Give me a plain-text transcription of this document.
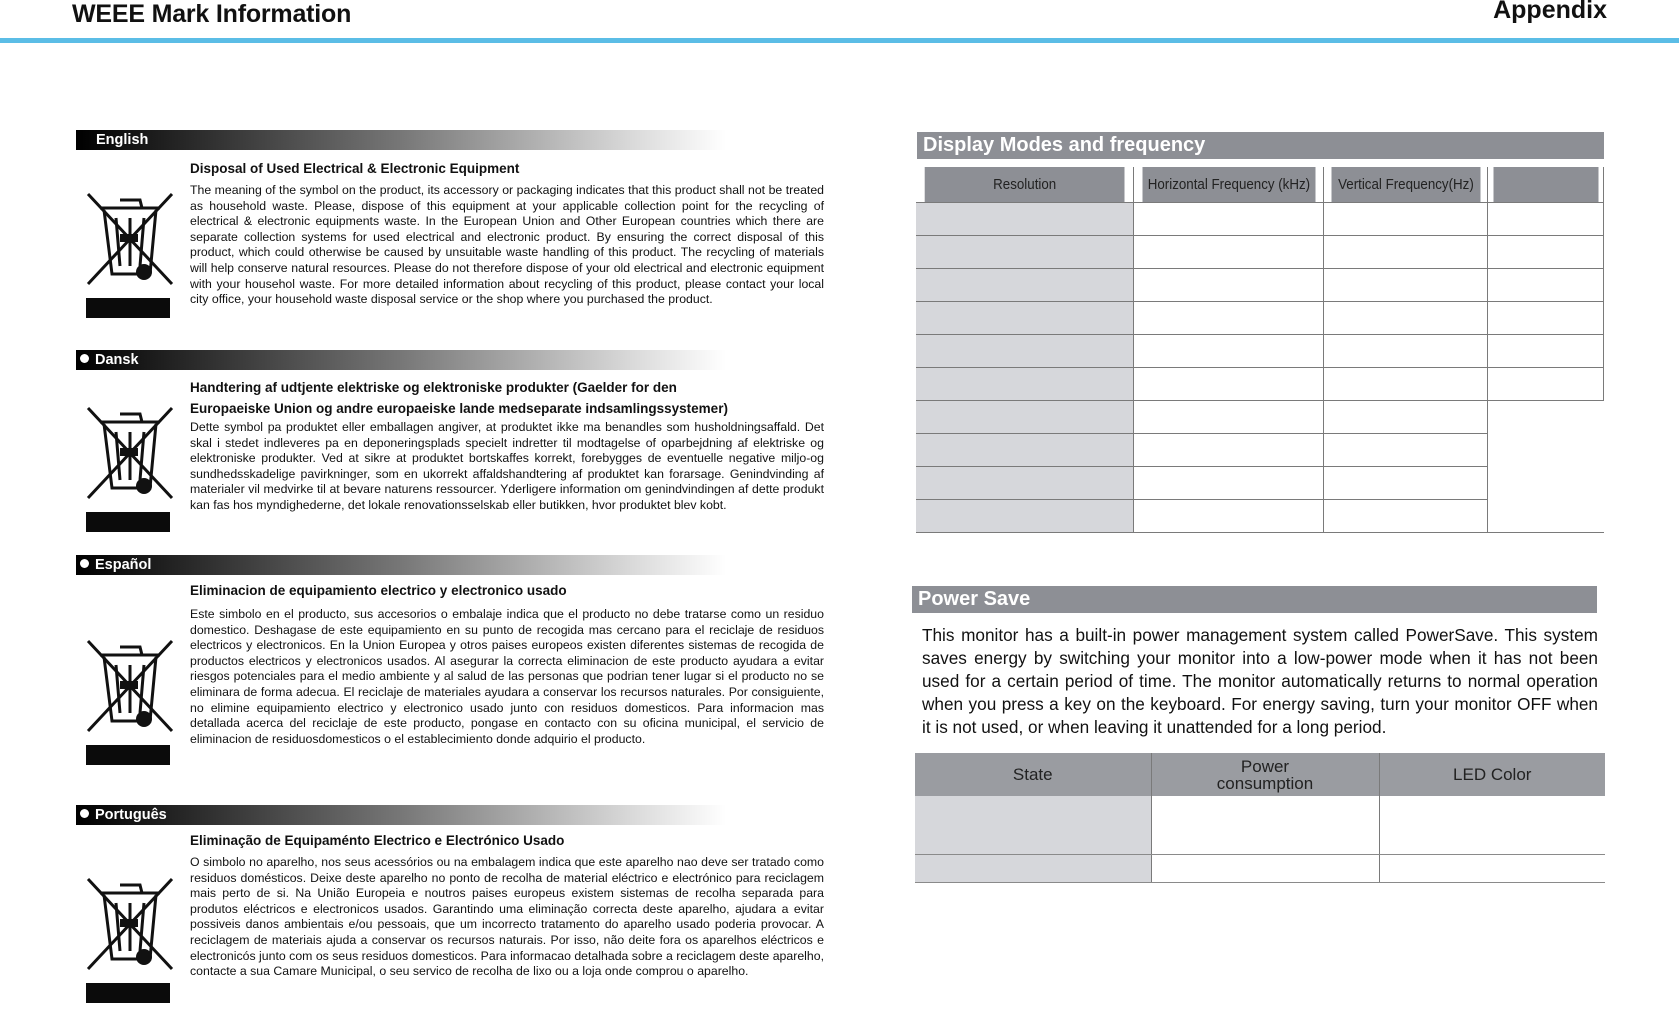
WEEE Mark Information	Appendix
English
Disposal of Used Electrical & Electronic Equipment
The meaning of the symbol on the product, its accessory or packaging indicates that this product shall not be treated as household waste. Please, dispose of this equipment at your applicable collection point for the recycling of electrical & electronic equipments waste. In the European Union and Other European countries which there are separate collection systems for used electrical and electronic product. By ensuring the correct disposal of this product, which could otherwise be caused by unsuitable waste handling of this product. The recycling of materials will help conserve natural resources. Please do not therefore dispose of your old electrical and electronic equipment with your househol waste. For more detailed information about recycling of this product, please contact your local city office, your household waste disposal service or the shop where you purchased the product.
Dansk
Handtering af udtjente elektriske og elektroniske produkter (Gaelder for den Europaeiske Union og andre europaeiske lande medseparate indsamlingssystemer)
Dette symbol pa produktet eller emballagen angiver, at produktet ikke ma benandles som husholdningsaffald. Det skal i stedet indleveres pa en deponeringsplads specielt indretter til modtagelse of oparbejdning af elektriske og elektroniske produkter. Ved at sikre at produktet bortskaffes korrekt, forebygges de eventuelle negative miljo-og sundhedsskadelige pavirkninger, som en ukorrekt affaldshandtering af produktet kan forarsage. Genindvinding af materialer vil medvirke til at bevare naturens ressourcer. Yderligere information om genindvindingen af dette produkt kan fas hos myndighederne, det lokale renovationsselskab eller butikken, hvor produktet blev kobt.
Español
Eliminacion de equipamiento electrico y electronico usado
Este simbolo en el producto, sus accesorios o embalaje indica que el producto no debe tratarse como un residuo domestico. Deshagase de este equipamiento en su punto de recogida mas cercano para el reciclaje de residuos electricos y electronicos. En la Union Europea y otros paises europeos existen diferentes sistemas de recogida de productos electricos y electronicos usados. Al asegurar la correcta eliminacion de este producto ayudara a evitar riesgos potenciales para el medio ambiente y al salud de las personas que podrian tener lugar si el producto no se eliminara de forma adecua. El reciclaje de materiales ayudara a conservar los recursos naturales. Por consiguiente, no elimine equipamiento electrico y electronico usado junto con residuos domesticos. Para informacion mas detallada acerca del reciclaje de este producto, pongase en contacto con su oficina municipal, el servicio de eliminacion de residuosdomesticos o el establecimiento donde adquirio el producto.
Português
Eliminação de Equipaménto Electrico e Electrónico Usado
O simbolo no aparelho, nos seus acessórios ou na embalagem indica que este aparelho nao deve ser tratado como residuos domésticos. Deixe deste aparelho no ponto de recolha de material eléctrico e electrónico para reciclagem mais perto de si. Na União Europeia e noutros paises europeus existem sistemas de recolha separada para produtos eléctricos e electronicos usados. Garantindo uma eliminação correcta deste aparelho, ajudara a evitar possiveis danos ambientais e/ou pessoais, que um incorrecto tratamento do aparelho usado poderia provocar. A reciclagem de materiais ajuda a conservar os recursos naturais. Por isso, não deite fora os aparelhos eléctricos e electronicós junto com os seus residuos domesticos. Para informacao detalhada sobre a reciclagem deste aparelho, contacte a sua Camare Municipal, o seu servico de recolha de lixo ou a loja onde comprou o aparelho.
Display Modes and frequency
Resolution	Horizontal Frequency (kHz)	Vertical Frequency(Hz)	

Power Save
This monitor has a built-in power management system called PowerSave. This system saves energy by switching your monitor into a low-power mode when it has not been used for a certain period of time. The monitor automatically returns to normal operation when you press a key on the keyboard. For energy saving, turn your monitor OFF when it is not used, or when leaving it unattended for a long period.
State	Power consumption	LED Color
